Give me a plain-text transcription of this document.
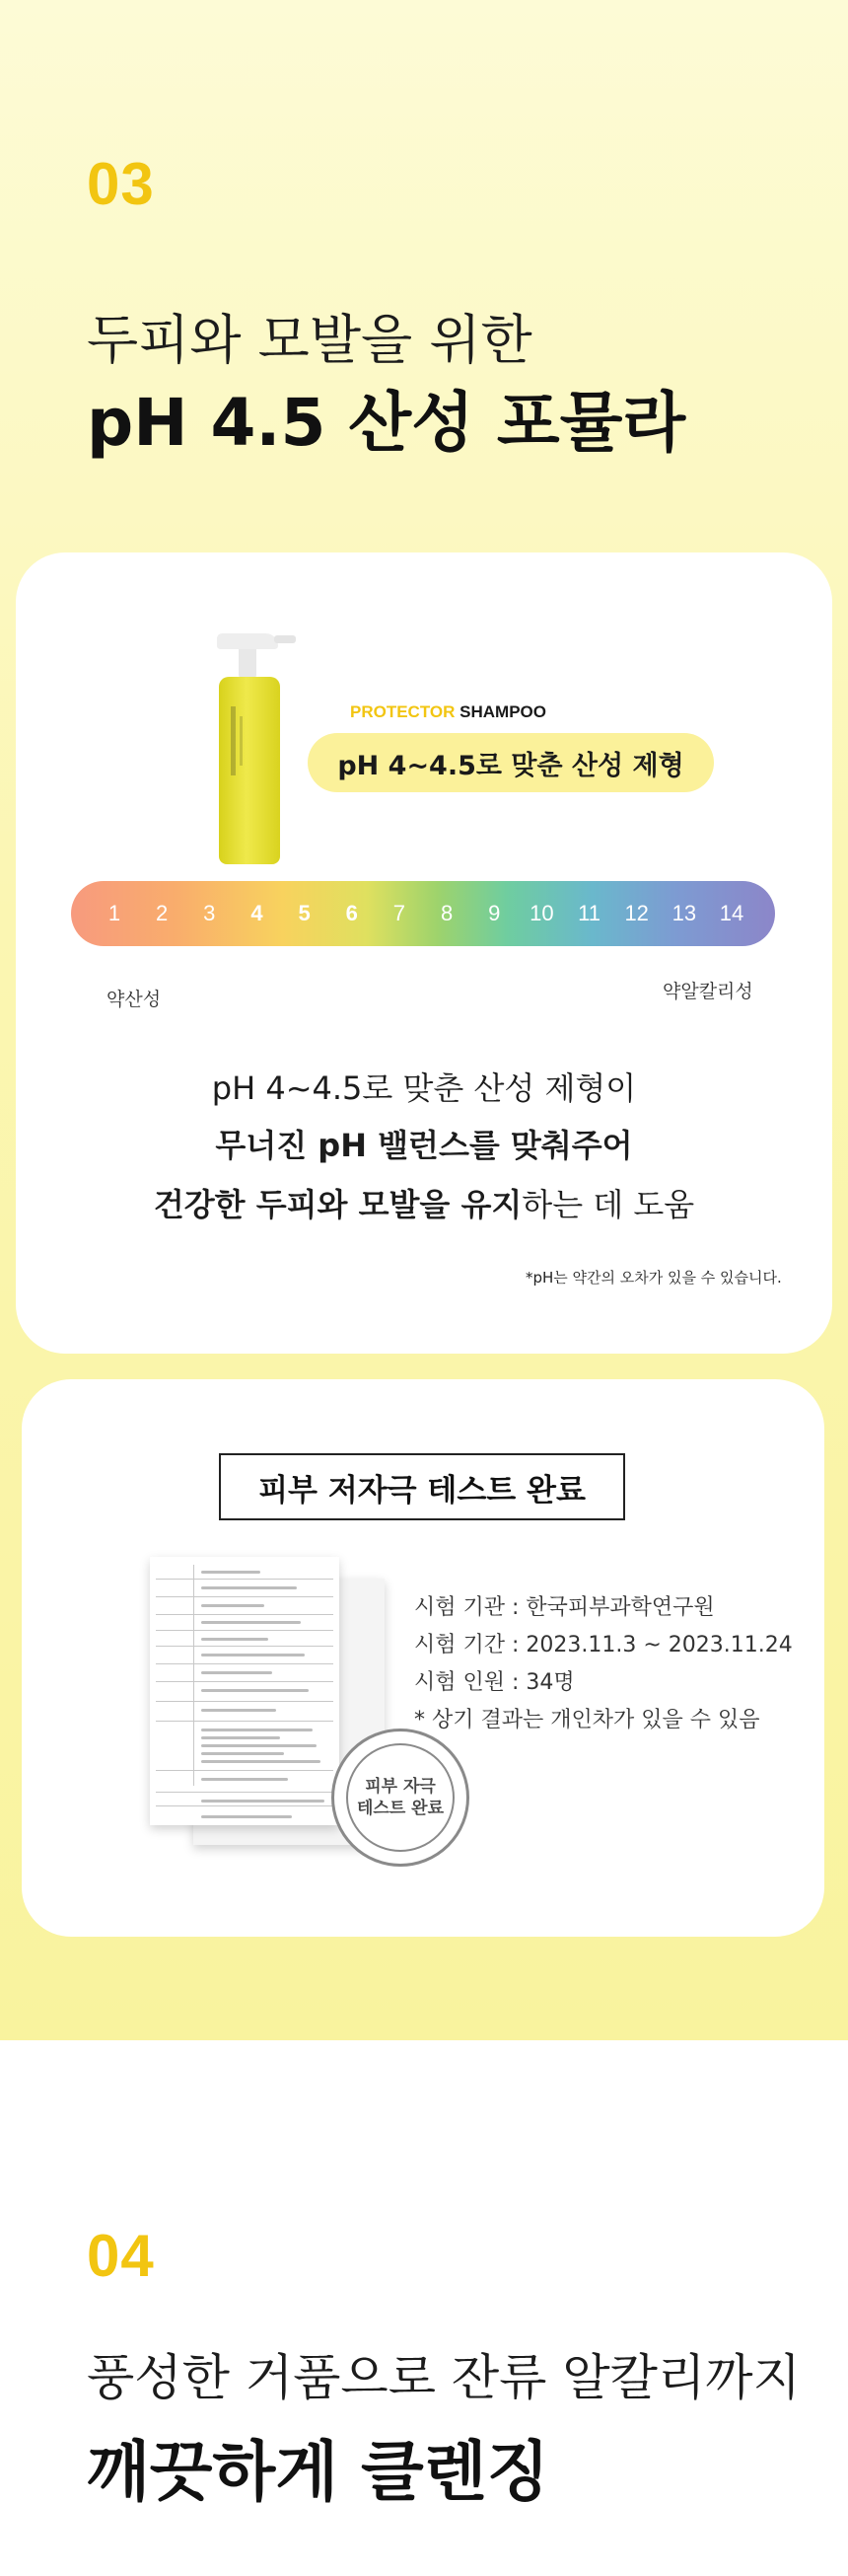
03
두피와 모발을 위한
pH 4.5 산성 포뮬라
PROTECTOR SHAMPOO
pH 4~4.5로 맞춘 산성 제형
1 2 3 4 5 6 7 8 9 10 11 12 13 14
약산성	약알칼리성
pH 4~4.5로 맞춘 산성 제형이
무너진 pH 밸런스를 맞춰주어
건강한 두피와 모발을 유지하는 데 도움
*pH는 약간의 오차가 있을 수 있습니다.
피부 저자극 테스트 완료
피부 자극
테스트 완료
시험 기관 : 한국피부과학연구원
시험 기간 : 2023.11.3 ~ 2023.11.24
시험 인원 : 34명
* 상기 결과는 개인차가 있을 수 있음
04
풍성한 거품으로 잔류 알칼리까지
깨끗하게 클렌징
